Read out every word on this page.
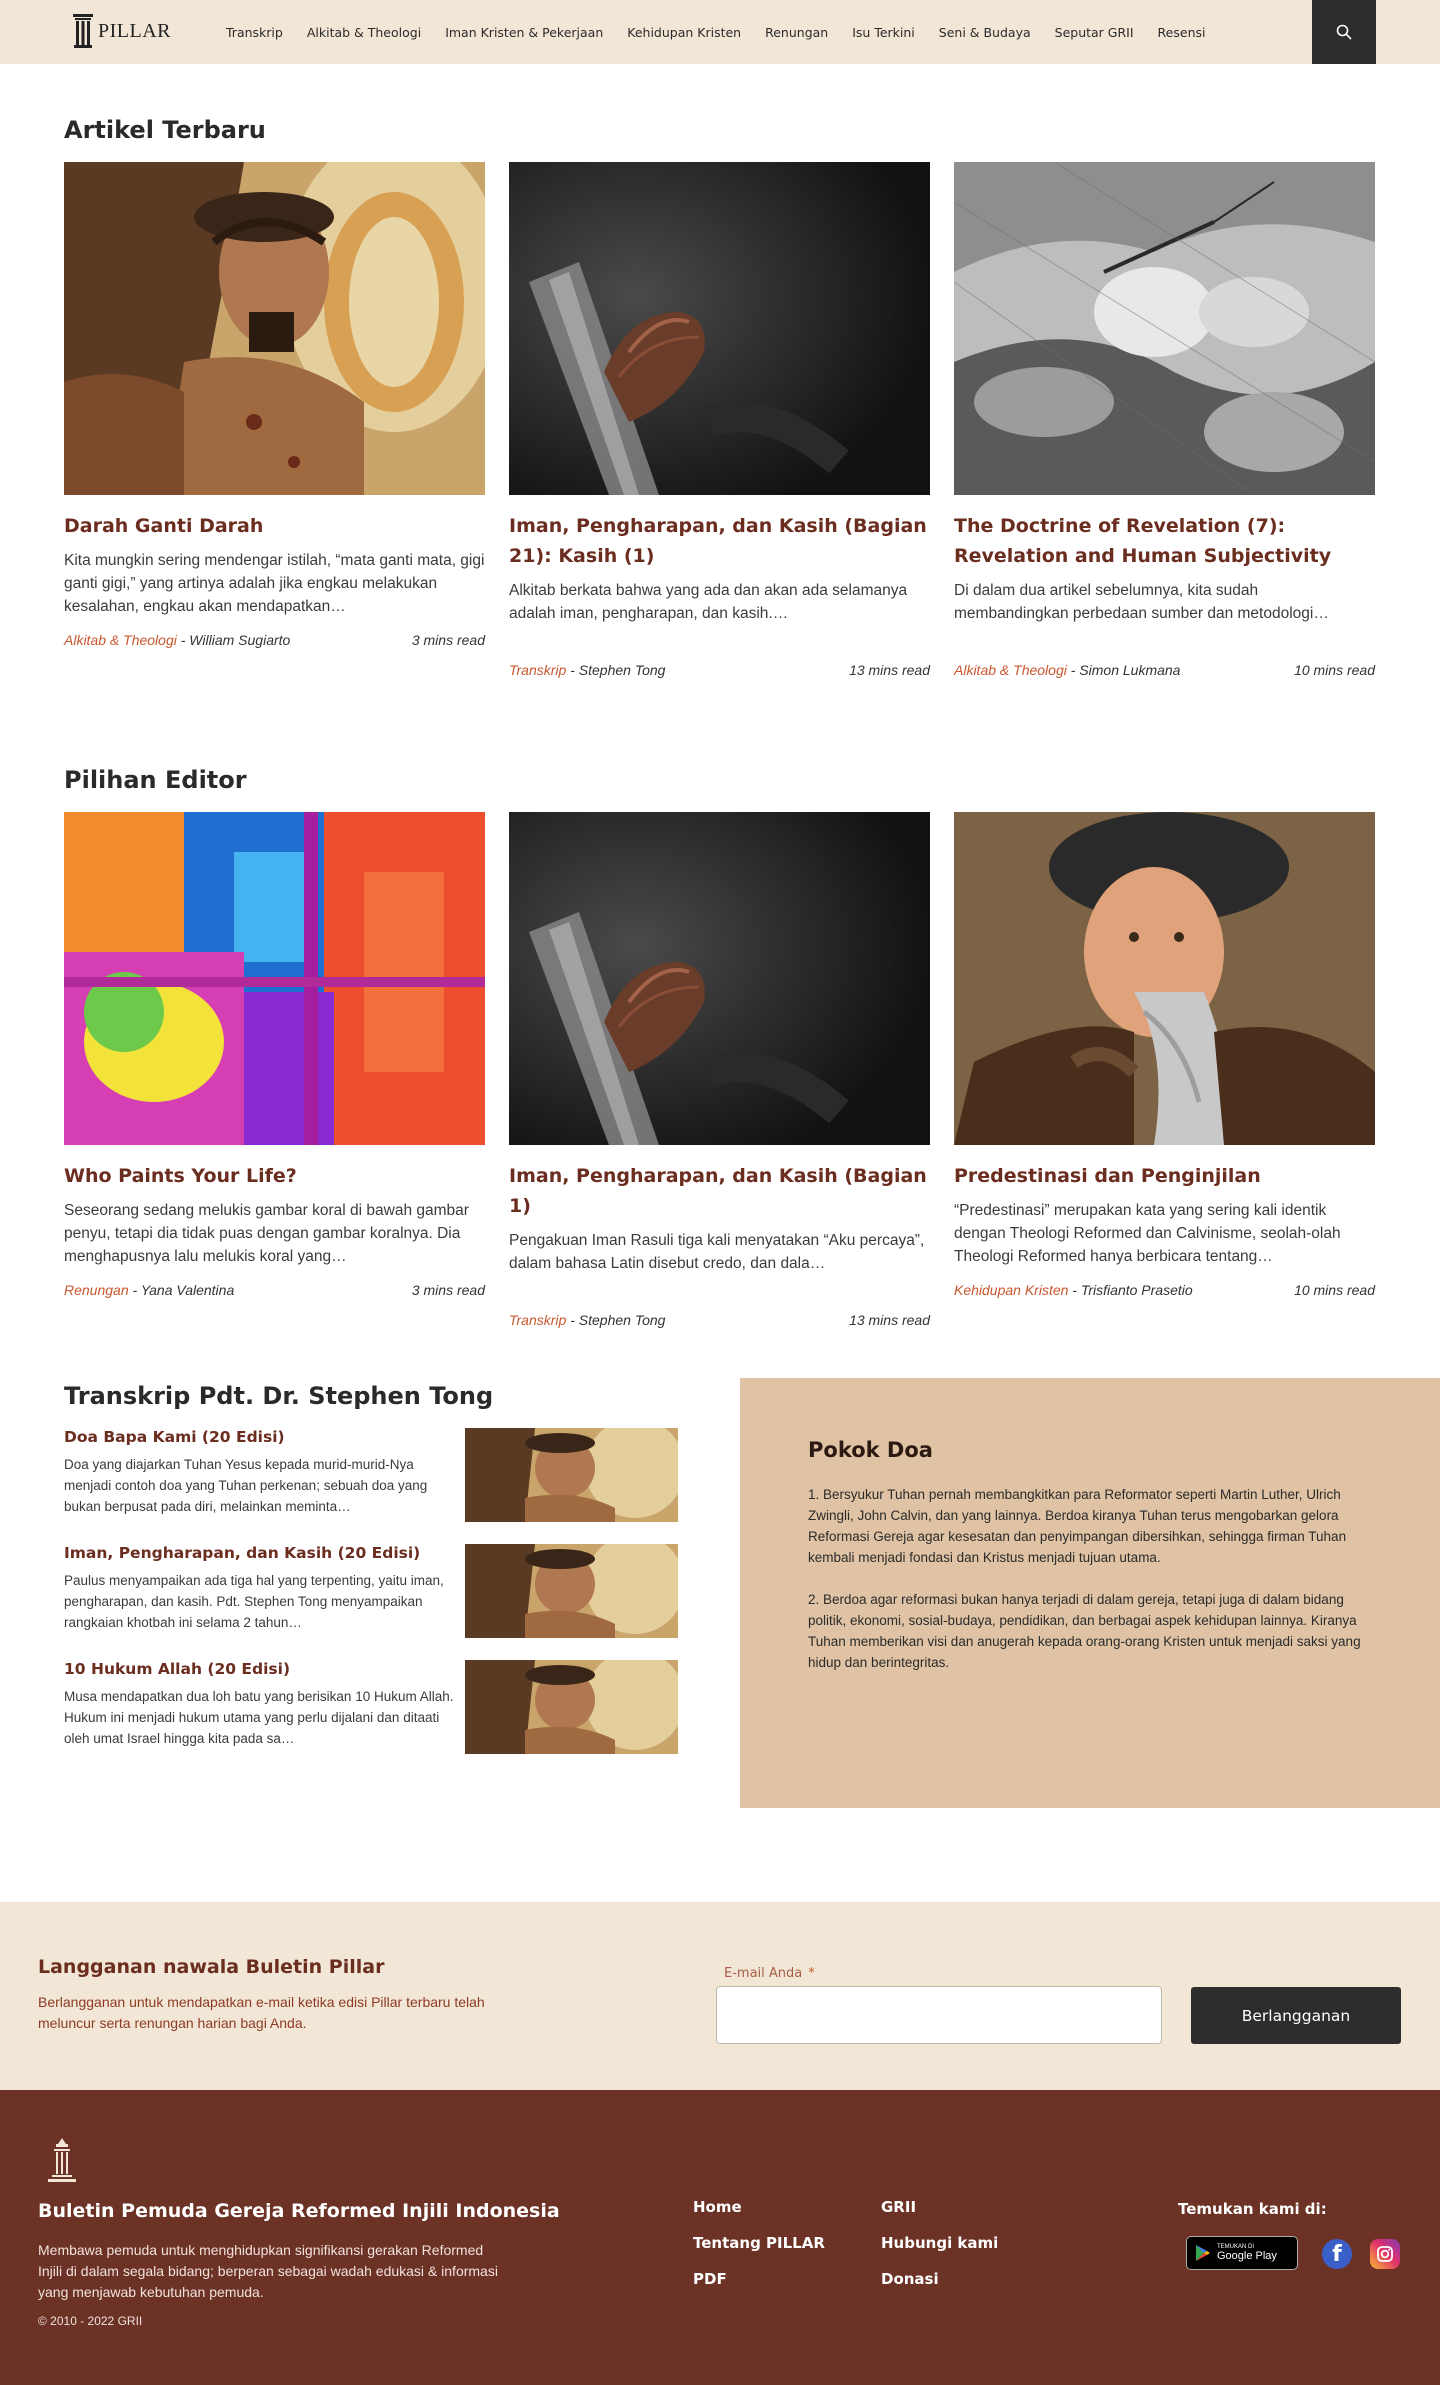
PILLAR	Transkrip Alkitab & Theologi Iman Kristen & Pekerjaan Kehidupan Kristen Renungan Isu Terkini Seni & Budaya Seputar GRII Resensi
Artikel Terbaru
Darah Ganti Darah

Kita mungkin sering mendengar istilah, “mata ganti mata, gigi ganti gigi,” yang artinya adalah jika engkau melakukan kesalahan, engkau akan mendapatkan…

Alkitab & Theologi - William Sugiarto	3 mins read
Iman, Pengharapan, dan Kasih (Bagian 21): Kasih (1)

Alkitab berkata bahwa yang ada dan akan ada selamanya adalah iman, pengharapan, dan kasih.…

Transkrip - Stephen Tong	13 mins read
The Doctrine of Revelation (7): Revelation and Human Subjectivity

Di dalam dua artikel sebelumnya, kita sudah membandingkan perbedaan sumber dan metodologi…

Alkitab & Theologi - Simon Lukmana	10 mins read
Pilihan Editor
Who Paints Your Life?

Seseorang sedang melukis gambar koral di bawah gambar penyu, tetapi dia tidak puas dengan gambar koralnya. Dia menghapusnya lalu melukis koral yang…

Renungan - Yana Valentina	3 mins read
Iman, Pengharapan, dan Kasih (Bagian 1)

Pengakuan Iman Rasuli tiga kali menyatakan “Aku percaya”, dalam bahasa Latin disebut credo, dan dala…

Transkrip - Stephen Tong	13 mins read
Predestinasi dan Penginjilan

“Predestinasi” merupakan kata yang sering kali identik dengan Theologi Reformed dan Calvinisme, seolah-olah Theologi Reformed hanya berbicara tentang…

Kehidupan Kristen - Trisfianto Prasetio	10 mins read
Transkrip Pdt. Dr. Stephen Tong
Doa Bapa Kami (20 Edisi)

Doa yang diajarkan Tuhan Yesus kepada murid-murid-Nya menjadi contoh doa yang Tuhan perkenan; sebuah doa yang bukan berpusat pada diri, melainkan meminta…

Iman, Pengharapan, dan Kasih (20 Edisi)

Paulus menyampaikan ada tiga hal yang terpenting, yaitu iman, pengharapan, dan kasih. Pdt. Stephen Tong menyampaikan rangkaian khotbah ini selama 2 tahun…

10 Hukum Allah (20 Edisi)

Musa mendapatkan dua loh batu yang berisikan 10 Hukum Allah. Hukum ini menjadi hukum utama yang perlu dijalani dan ditaati oleh umat Israel hingga kita pada sa…

Pokok Doa

1. Bersyukur Tuhan pernah membangkitkan para Reformator seperti Martin Luther, Ulrich Zwingli, John Calvin, dan yang lainnya. Berdoa kiranya Tuhan terus mengobarkan gelora Reformasi Gereja agar kesesatan dan penyimpangan dibersihkan, sehingga firman Tuhan kembali menjadi fondasi dan Kristus menjadi tujuan utama.

2. Berdoa agar reformasi bukan hanya terjadi di dalam gereja, tetapi juga di dalam bidang politik, ekonomi, sosial-budaya, pendidikan, dan berbagai aspek kehidupan lainnya. Kiranya Tuhan memberikan visi dan anugerah kepada orang-orang Kristen untuk menjadi saksi yang hidup dan berintegritas.

Langganan nawala Buletin Pillar

Berlangganan untuk mendapatkan e-mail ketika edisi Pillar terbaru telah meluncur serta renungan harian bagi Anda.

E-mail Anda *
Berlangganan
Buletin Pemuda Gereja Reformed Injili Indonesia

Membawa pemuda untuk menghidupkan signifikansi gerakan Reformed Injili di dalam segala bidang; berperan sebagai wadah edukasi & informasi yang menjawab kebutuhan pemuda.

© 2010 - 2022 GRII
Home	GRII
Tentang PILLAR	Hubungi kami
PDF	Donasi
Temukan kami di:
TEMUKAN DI
Google Play	f
